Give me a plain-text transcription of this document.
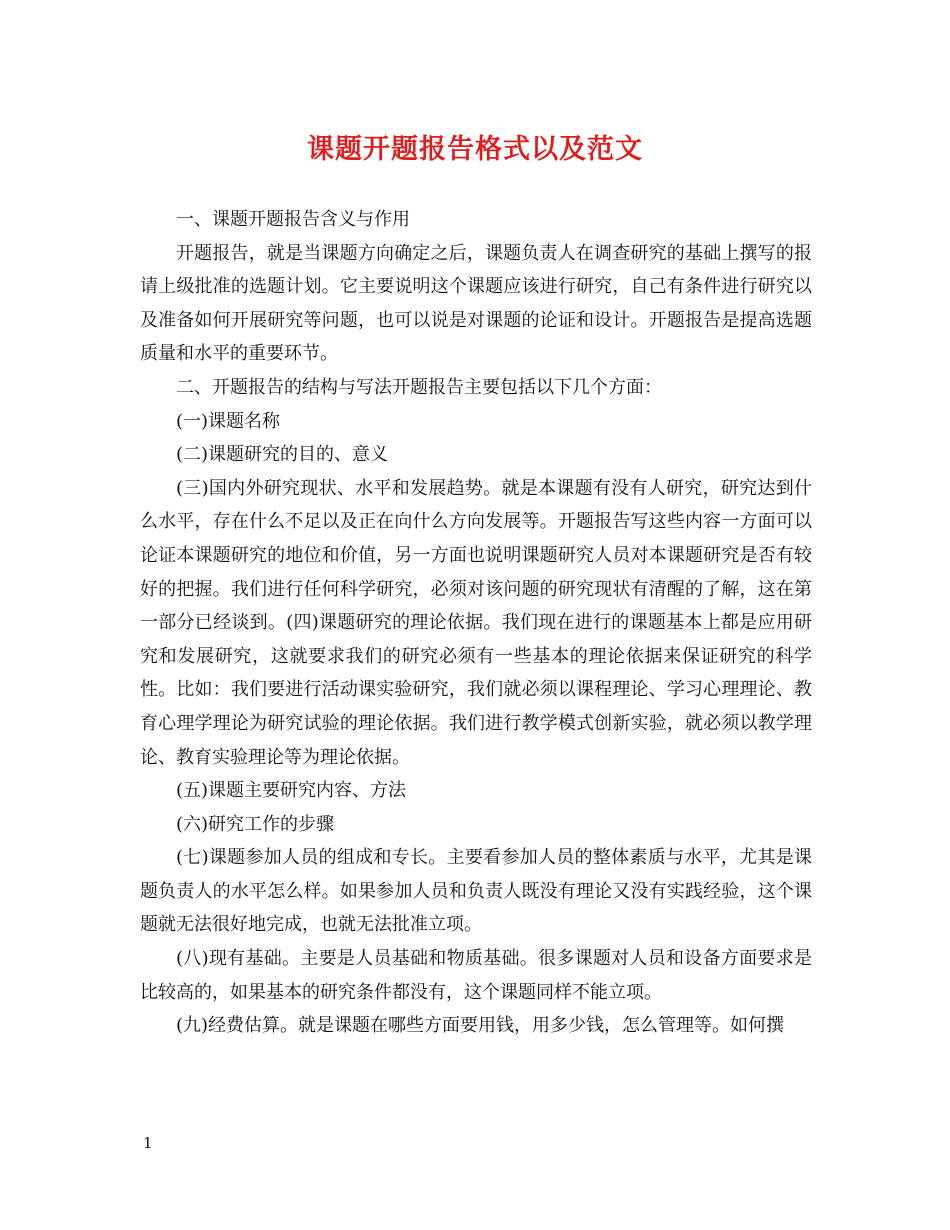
课题开题报告格式以及范文

一、课题开题报告含义与作用

开题报告，就是当课题方向确定之后，课题负责人在调查研究的基础上撰写的报请上级批准的选题计划。它主要说明这个课题应该进行研究，自己有条件进行研究以及准备如何开展研究等问题，也可以说是对课题的论证和设计。开题报告是提高选题质量和水平的重要环节。

二、开题报告的结构与写法开题报告主要包括以下几个方面：

(一)课题名称

(二)课题研究的目的、意义

(三)国内外研究现状、水平和发展趋势。就是本课题有没有人研究，研究达到什么水平，存在什么不足以及正在向什么方向发展等。开题报告写这些内容一方面可以论证本课题研究的地位和价值，另一方面也说明课题研究人员对本课题研究是否有较好的把握。我们进行任何科学研究，必须对该问题的研究现状有清醒的了解，这在第一部分已经谈到。(四)课题研究的理论依据。我们现在进行的课题基本上都是应用研究和发展研究，这就要求我们的研究必须有一些基本的理论依据来保证研究的科学性。比如：我们要进行活动课实验研究，我们就必须以课程理论、学习心理理论、教育心理学理论为研究试验的理论依据。我们进行教学模式创新实验，就必须以教学理论、教育实验理论等为理论依据。

(五)课题主要研究内容、方法

(六)研究工作的步骤

(七)课题参加人员的组成和专长。主要看参加人员的整体素质与水平，尤其是课题负责人的水平怎么样。如果参加人员和负责人既没有理论又没有实践经验，这个课题就无法很好地完成，也就无法批准立项。

(八)现有基础。主要是人员基础和物质基础。很多课题对人员和设备方面要求是比较高的，如果基本的研究条件都没有，这个课题同样不能立项。

(九)经费估算。就是课题在哪些方面要用钱，用多少钱，怎么管理等。如何撰

1
